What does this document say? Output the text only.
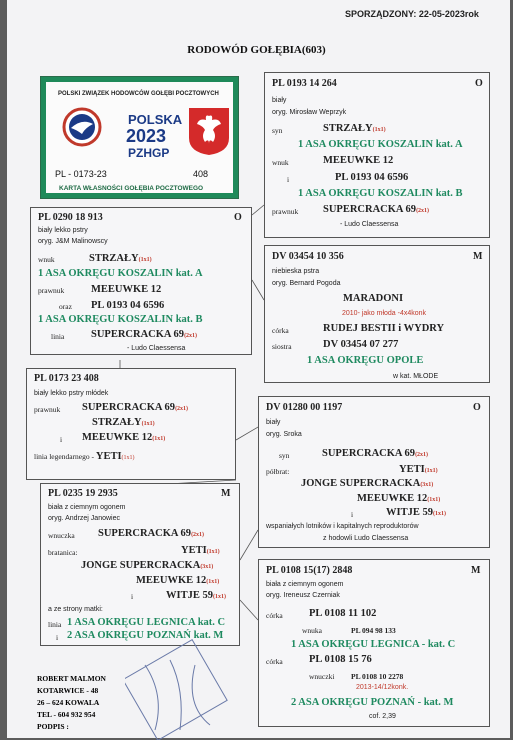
SPORZĄDZONY: 22-05-2023rok
RODOWÓD GOŁĘBIA(603)
POLSKI ZWIĄZEK HODOWCÓW GOŁĘBI POCZTOWYCH
POLSKA
2023
PZHGP
PL - 0173-23	408
KARTA WŁASNOŚCI GOŁĘBIA POCZTOWEGO
PL 0290 18 913	O
biały lekko pstry
oryg. J&M Malinowscy
wnuk	STRZAŁY(1x1)
1 ASA OKRĘGU KOSZALIN kat. A
prawnuk	MEEUWKE 12
oraz PL 0193 04 6596
1 ASA OKRĘGU KOSZALIN kat. B
linia	SUPERCRACKA 69(2x1)
- Ludo Claessensa
PL 0173 23 408
biały lekko pstry młódek
prawnuk SUPERCRACKA 69(2x1)
STRZAŁY(1x1)
i MEEUWKE 12(1x1)
linia legendarnego - YETI(1x1)
PL 0235 19 2935	M
biała z ciemnym ogonem
oryg. Andrzej Janowiec
wnuczka SUPERCRACKA 69(2x1)
bratanica:	YETI(1x1)
JONGE SUPERCRACKA(3x1)
MEEUWKE 12(1x1)
i	WITJE 59(1x1)
a ze strony matki:
linia 1 ASA OKRĘGU LEGNICA kat. C
i 2 ASA OKRĘGU POZNAŃ kat. M
PL 0193 14 264	O
biały
oryg. Mirosław Weprzyk
syn	STRZAŁY(1x1)
1 ASA OKRĘGU KOSZALIN kat. A
wnuk	MEEUWKE 12
i	PL 0193 04 6596
1 ASA OKRĘGU KOSZALIN kat. B
prawnuk SUPERCRACKA 69(2x1)
- Ludo Claessensa
DV 03454 10 356	M
niebieska pstra
oryg. Bernard Pogoda
MARADONI
2010- jako młoda -4x4konk
córka	RUDEJ BESTII i WYDRY
siostra	DV 03454 07 277
1 ASA OKRĘGU OPOLE
w kat. MŁODE
DV 01280 00 1197	O
biały
oryg. Sroka
syn	SUPERCRACKA 69(2x1)
półbrat:	YETI(1x1)
JONGE SUPERCRACKA(3x1)
MEEUWKE 12(1x1)
i	WITJE 59(1x1)
wspaniałych lotników i kapitalnych reproduktorów
z hodowli Ludo Claessensa
PL 0108 15(17) 2848	M
biała z ciemnym ogonem
oryg. Ireneusz Czerniak
córka	PL 0108 11 102
wnuka	PL 094 98 133
1 ASA OKRĘGU LEGNICA - kat. C
córka	PL 0108 15 76
wnuczki PL 0108 10 2278
2013-14/12konk.
2 ASA OKRĘGU POZNAŃ - kat. M
cof. 2,39
ROBERT MALMON
KOTARWICE - 48
26 – 624 KOWALA
TEL - 604 932 954
PODPIS :
